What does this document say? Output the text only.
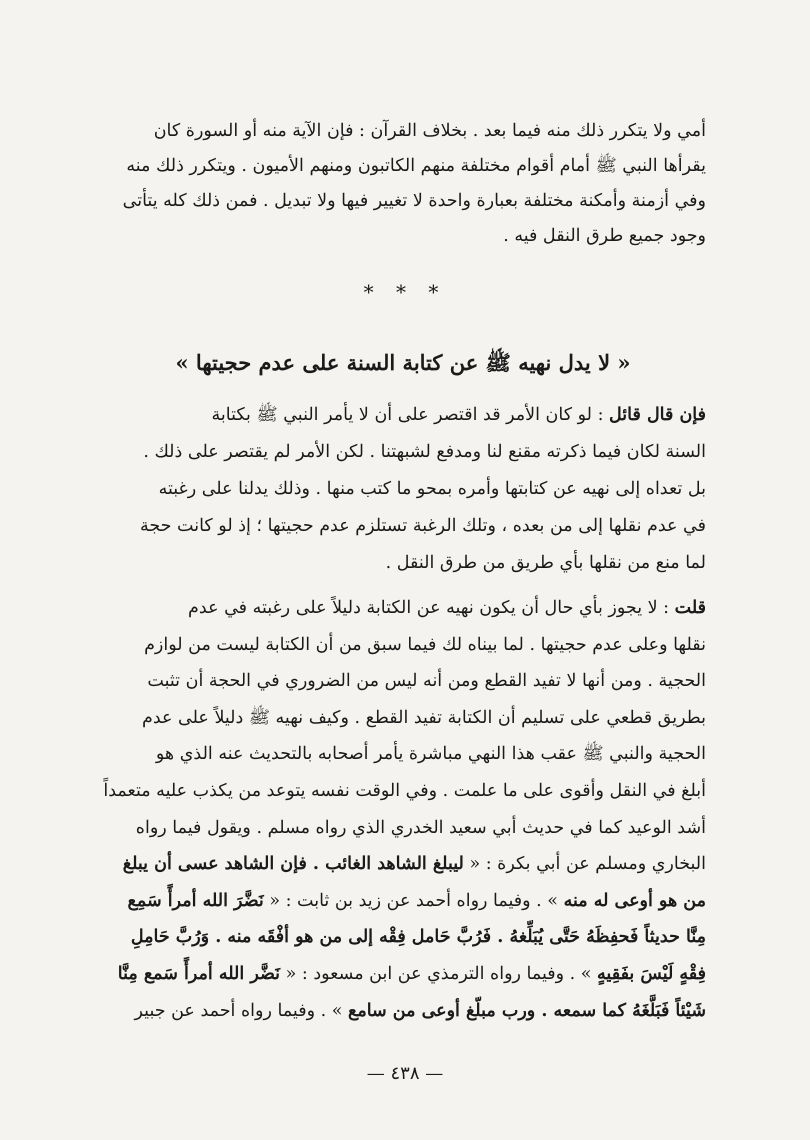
أمي ولا يتكرر ذلك منه فيما بعد . بخلاف القرآن : فإن الآية منه أو السورة كان
يقرأها النبي ﷺ أمام أقوام مختلفة منهم الكاتبون ومنهم الأميون . ويتكرر ذلك منه
وفي أزمنة وأمكنة مختلفة بعبارة واحدة لا تغيير فيها ولا تبديل . فمن ذلك كله يتأتى
وجود جميع طرق النقل فيه .
* * *
« لا يدل نهيه ﷺ عن كتابة السنة على عدم حجيتها »
فإن قال قائل : لو كان الأمر قد اقتصر على أن لا يأمر النبي ﷺ بكتابة
السنة لكان فيما ذكرته مقنع لنا ومدفع لشبهتنا . لكن الأمر لم يقتصر على ذلك .
بل تعداه إلى نهيه عن كتابتها وأمره بمحو ما كتب منها . وذلك يدلنا على رغبته
في عدم نقلها إلى من بعده ، وتلك الرغبة تستلزم عدم حجيتها ؛ إذ لو كانت حجة
لما منع من نقلها بأي طريق من طرق النقل .
قلت : لا يجوز بأي حال أن يكون نهيه عن الكتابة دليلاً على رغبته في عدم
نقلها وعلى عدم حجيتها . لما بيناه لك فيما سبق من أن الكتابة ليست من لوازم
الحجية . ومن أنها لا تفيد القطع ومن أنه ليس من الضروري في الحجة أن تثبت
بطريق قطعي على تسليم أن الكتابة تفيد القطع . وكيف نهيه ﷺ دليلاً على عدم
الحجية والنبي ﷺ عقب هذا النهي مباشرة يأمر أصحابه بالتحديث عنه الذي هو
أبلغ في النقل وأقوى على ما علمت . وفي الوقت نفسه يتوعد من يكذب عليه متعمداً
أشد الوعيد كما في حديث أبي سعيد الخدري الذي رواه مسلم . ويقول فيما رواه
البخاري ومسلم عن أبي بكرة : « ليبلغ الشاهد الغائب . فإن الشاهد عسى أن يبلغ
من هو أوعى له منه » . وفيما رواه أحمد عن زيد بن ثابت : « نَضَّرَ الله أمرأً سَمِع
مِنَّا حديثاً فَحفِظَهُ حَتَّى يُبَلِّغهُ . فَرُبَّ حَامل فِقْه إلى من هو أفْقَه منه . وَرُبَّ حَامِلِ
فِقْهٍ لَيْسَ بفَقِيهٍ » . وفيما رواه الترمذي عن ابن مسعود : « نَضَّر الله أمرأً سَمع مِنَّا
شَيْئاً فَبَلَّغَهُ كما سمعه . ورب مبلّغ أوعى من سامع » . وفيما رواه أحمد عن جبير
— ٤٣٨ —
